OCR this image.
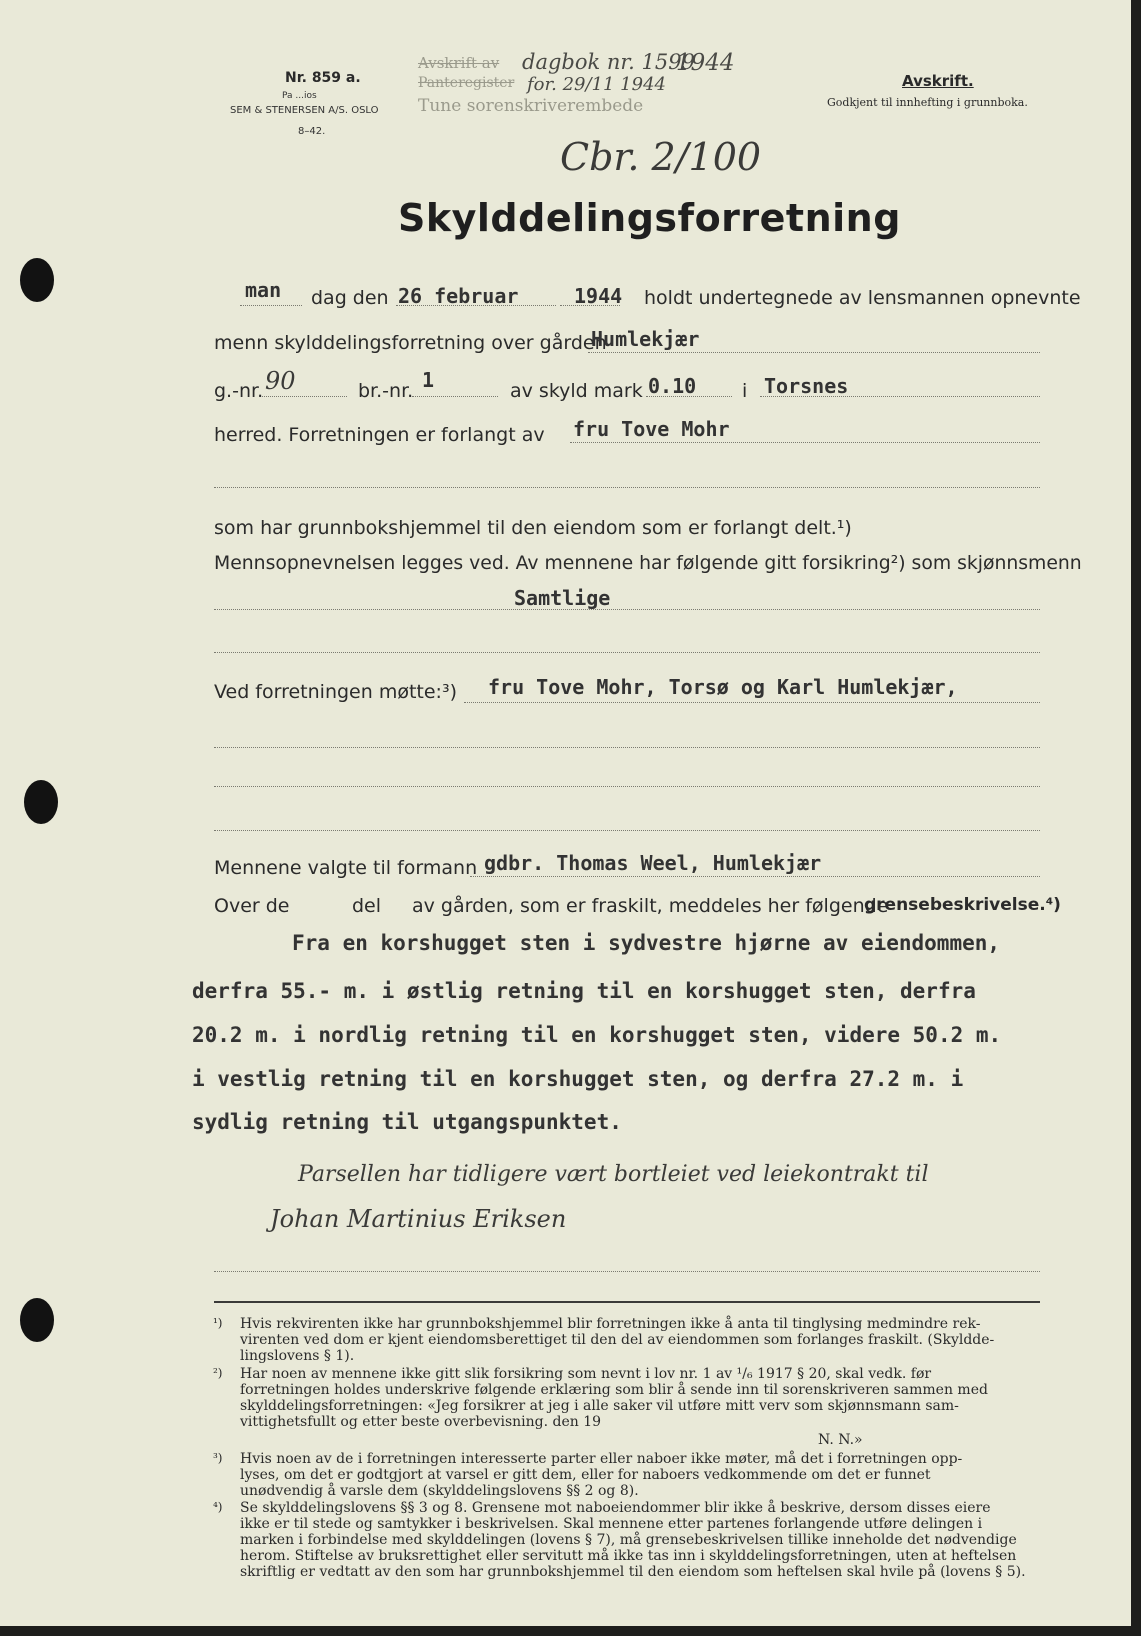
Nr. 859 a.
Pa ...ios
SEM & STENERSEN A/S. OSLO
8–42.
Avskrift av dagbok nr. 1599
1944
Panteregister for. 29/11 1944
Tune sorenskriverembede
Cbr. 2/100
Avskrift.
Godkjent til innhefting i grunnboka.
Skylddelingsforretning
man dag den 26 februar	1944 holdt undertegnede av lensmannen opnevnte
menn skylddelingsforretning over gården
Humlekjær
g.-nr. 90	br.-nr. 1	av skyld mark 0.10 i Torsnes
herred. Forretningen er forlangt av fru Tove Mohr
som har grunnbokshjemmel til den eiendom som er forlangt delt.¹)
Mennsopnevnelsen legges ved. Av mennene har følgende gitt forsikring²) som skjønnsmenn
Samtlige
Ved forretningen møtte:³) fru Tove Mohr, Torsø og Karl Humlekjær,
Mennene valgte til formann gdbr. Thomas Weel, Humlekjær
Over de	del av gården, som er fraskilt, meddeles her følgende
grensebeskrivelse.⁴)
Fra en korshugget sten i sydvestre hjørne av eiendommen,
derfra 55.- m. i østlig retning til en korshugget sten, derfra
20.2 m. i nordlig retning til en korshugget sten, videre 50.2 m.
i vestlig retning til en korshugget sten, og derfra 27.2 m. i
sydlig retning til utgangspunktet.
Parsellen har tidligere vært bortleiet ved leiekontrakt til
Johan Martinius Eriksen
¹) Hvis rekvirenten ikke har grunnbokshjemmel blir forretningen ikke å anta til tinglysing medmindre rek-
virenten ved dom er kjent eiendomsberettiget til den del av eiendommen som forlanges fraskilt. (Skylddе-
lingslovens § 1).
²) Har noen av mennene ikke gitt slik forsikring som nevnt i lov nr. 1 av ¹/₆ 1917 § 20, skal vedk. før
forretningen holdes underskrive følgende erklæring som blir å sende inn til sorenskriveren sammen med
skylddelingsforretningen: «Jeg forsikrer at jeg i alle saker vil utføre mitt verv som skjønnsmann sam-
vittighetsfullt og etter beste overbevisning. den 19
N. N.»
³) Hvis noen av de i forretningen interesserte parter eller naboer ikke møter, må det i forretningen opp-
lyses, om det er godtgjort at varsel er gitt dem, eller for naboers vedkommende om det er funnet
unødvendig å varsle dem (skylddelingslovens §§ 2 og 8).
⁴) Se skylddelingslovens §§ 3 og 8. Grensene mot naboeiendommer blir ikke å beskrive, dersom disses eiere
ikke er til stede og samtykker i beskrivelsen. Skal mennene etter partenes forlangende utføre delingen i
marken i forbindelse med skylddelingen (lovens § 7), må grensebeskrivelsen tillike inneholde det nødvendige
herom. Stiftelse av bruksrettighet eller servitutt må ikke tas inn i skylddelingsforretningen, uten at heftelsen
skriftlig er vedtatt av den som har grunnbokshjemmel til den eiendom som heftelsen skal hvile på (lovens § 5).
